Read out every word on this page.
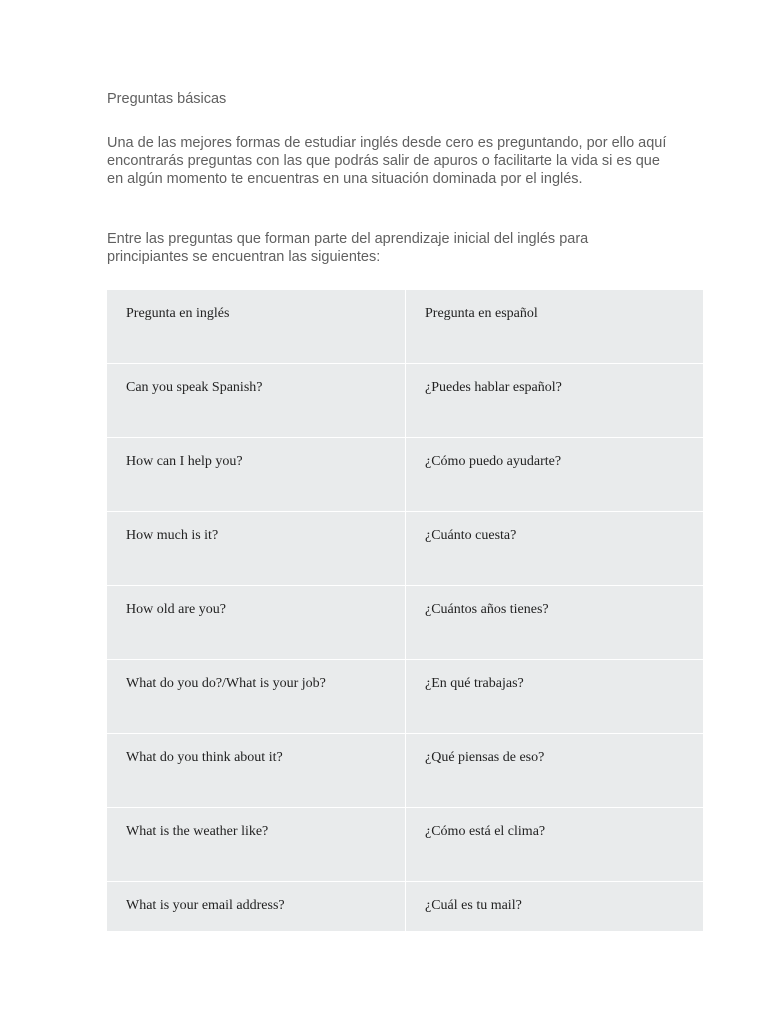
Preguntas básicas

Una de las mejores formas de estudiar inglés desde cero es preguntando, por ello aquí encontrarás preguntas con las que podrás salir de apuros o facilitarte la vida si es que en algún momento te encuentras en una situación dominada por el inglés.

Entre las preguntas que forman parte del aprendizaje inicial del inglés para principiantes se encuentran las siguientes:

Pregunta en inglés	Pregunta en español
Can you speak Spanish?	¿Puedes hablar español?
How can I help you?	¿Cómo puedo ayudarte?
How much is it?	¿Cuánto cuesta?
How old are you?	¿Cuántos años tienes?
What do you do?/What is your job?	¿En qué trabajas?
What do you think about it?	¿Qué piensas de eso?
What is the weather like?	¿Cómo está el clima?
What is your email address?	¿Cuál es tu mail?
